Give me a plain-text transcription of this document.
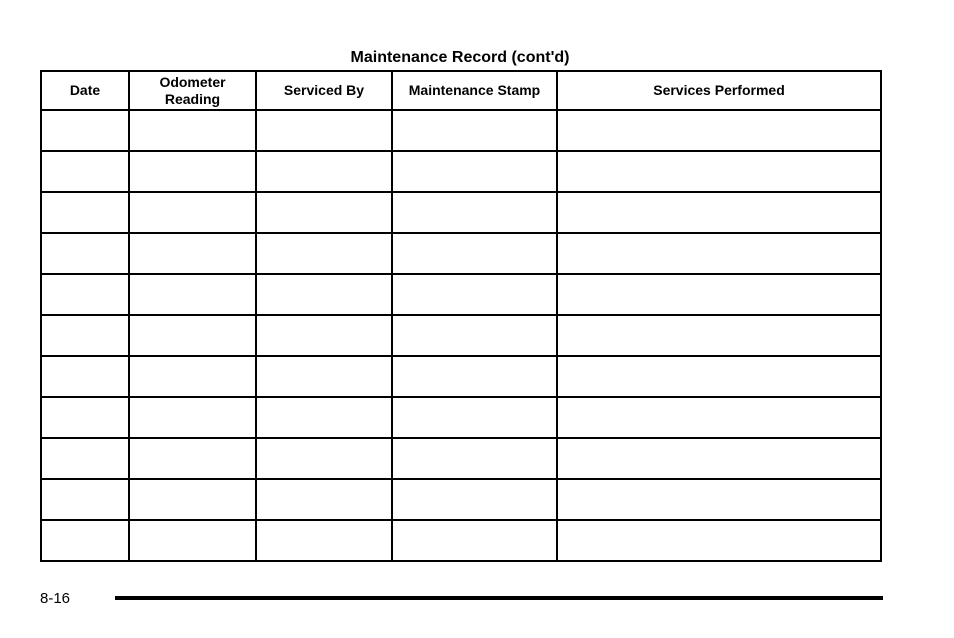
Maintenance Record (cont'd)
Date	Odometer Reading	Serviced By	Maintenance Stamp	Services Performed

8-16
